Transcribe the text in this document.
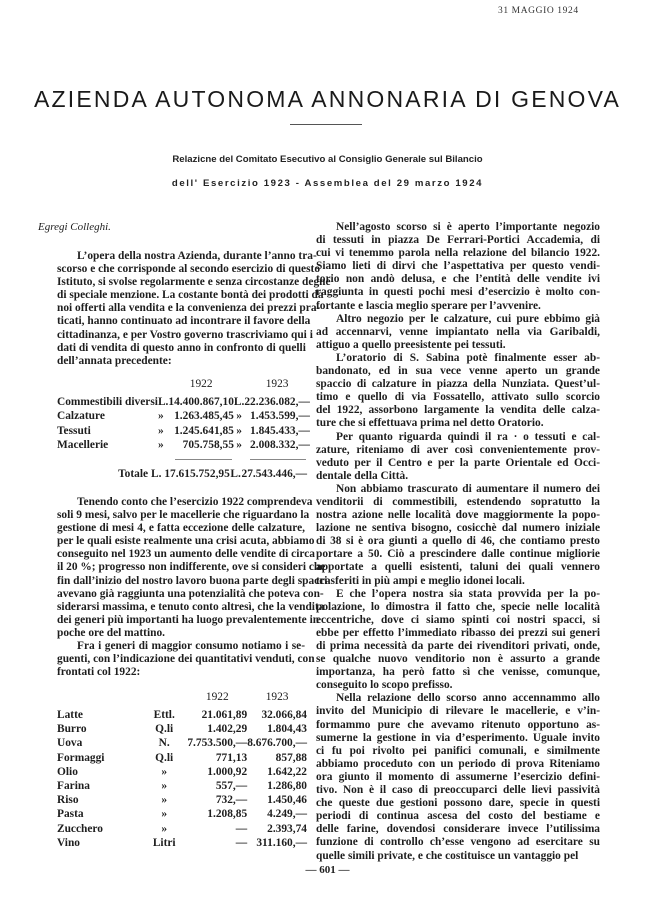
31 MAGGIO 1924
AZIENDA AUTONOMA ANNONARIA DI GENOVA
Relazicne del Comitato Esecutivo al Consiglio Generale sul Bilancio
dell' Esercizio 1923 - Assemblea del 29 marzo 1924
Egregi Colleghi.
L’opera della nostra Azienda, durante l’anno tra-
scorso e che corrisponde al secondo esercizio di questo
Istituto, si svolse regolarmente e senza circostanze degne
di speciale menzione. La costante bontà dei prodotti da
noi offerti alla vendita e la convenienza dei prezzi pra-
ticati, hanno continuato ad incontrare il favore della
cittadinanza, e per Vostro governo trascriviamo qui i
dati di vendita di questo anno in confronto di quelli
dell’annata precedente:
		1922		1923
Commestibili diversi	L.	14.400.867,10	L.	22.236.082,—
Calzature	»	1.263.485,45	»	1.453.599,—
Tessuti	»	1.245.641,85	»	1.845.433,—
Macellerie	»	705.758,55	»	2.008.332,—
Totale	L.	17.615.752,95	L.	27.543.446,—
Tenendo conto che l’esercizio 1922 comprendeva
soli 9 mesi, salvo per le macellerie che riguardano la
gestione di mesi 4, e fatta eccezione delle calzature,
per le quali esiste realmente una crisi acuta, abbiamo
conseguito nel 1923 un aumento delle vendite di circa
il 20 %; progresso non indifferente, ove si consideri che
fin dall’inizio del nostro lavoro buona parte degli spacci
avevano già raggiunta una potenzialità che poteva con-
siderarsi massima, e tenuto conto altresì, che la vendita
dei generi più importanti ha luogo prevalentemente in
poche ore del mattino.
Fra i generi di maggior consumo notiamo i se-
guenti, con l’indicazione dei quantitativi venduti, con
frontati col 1922:
		1922	1923
Latte	Ettl.	21.061,89	32.066,84
Burro	Q.li	1.402,29	1.804,43
Uova	N.	7.753.500,—	8.676.700,—
Formaggi	Q.li	771,13	857,88
Olio	»	1.000,92	1.642,22
Farina	»	557,—	1.286,80
Riso	»	732,—	1.450,46
Pasta	»	1.208,85	4.249,—
Zucchero	»	—	2.393,74
Vino	Litri	—	311.160,—
Nell’agosto scorso si è aperto l’importante negozio
di tessuti in piazza De Ferrari-Portici Accademia, di
cui vi tenemmo parola nella relazione del bilancio 1922.
Siamo lieti di dirvi che l’aspettativa per questo vendi-
torio non andò delusa, e che l’entità delle vendite ivi
raggiunta in questi pochi mesi d’esercizio è molto con-
fortante e lascia meglio sperare per l’avvenire.
Altro negozio per le calzature, cui pure ebbimo già
ad accennarvi, venne impiantato nella via Garibaldi,
attiguo a quello preesistente pei tessuti.
L’oratorio di S. Sabina potè finalmente esser ab-
bandonato, ed in sua vece venne aperto un grande
spaccio di calzature in piazza della Nunziata. Quest’ul-
timo e quello di via Fossatello, attivato sullo scorcio
del 1922, assorbono largamente la vendita delle calza-
ture che si effettuava prima nel detto Oratorio.
Per quanto riguarda quindi il ra · o tessuti e cal-
zature, riteniamo di aver così convenientemente prov-
veduto per il Centro e per la parte Orientale ed Occi-
dentale della Città.
Non abbiamo trascurato di aumentare il numero dei
venditorii di commestibili, estendendo sopratutto la
nostra azione nelle località dove maggiormente la popo-
lazione ne sentiva bisogno, cosicchè dal numero iniziale
di 38 si è ora giunti a quello di 46, che contiamo presto
portare a 50. Ciò a prescindere dalle continue migliorie
apportate a quelli esistenti, taluni dei quali vennero
trasferiti in più ampi e meglio idonei locali.
E che l’opera nostra sia stata provvida per la po-
polazione, lo dimostra il fatto che, specie nelle località
eccentriche, dove ci siamo spinti coi nostri spacci, si
ebbe per effetto l’immediato ribasso dei prezzi sui generi
di prima necessità da parte dei rivenditori privati, onde,
se qualche nuovo venditorio non è assurto a grande
importanza, ha però fatto sì che venisse, comunque,
conseguito lo scopo prefisso.
Nella relazione dello scorso anno accennammo allo
invito del Municipio di rilevare le macellerie, e v’in-
formammo pure che avevamo ritenuto opportuno as-
sumerne la gestione in via d’esperimento. Uguale invito
ci fu poi rivolto pei panifici comunali, e similmente
abbiamo proceduto con un periodo di prova Riteniamo
ora giunto il momento di assumerne l’esercizio defini-
tivo. Non è il caso di preoccuparci delle lievi passività
che queste due gestioni possono dare, specie in questi
periodi di continua ascesa del costo del bestiame e
delle farine, dovendosi considerare invece l’utilissima
funzione di controllo ch’esse vengono ad esercitare su
quelle simili private, e che costituisce un vantaggio pel
— 601 —
